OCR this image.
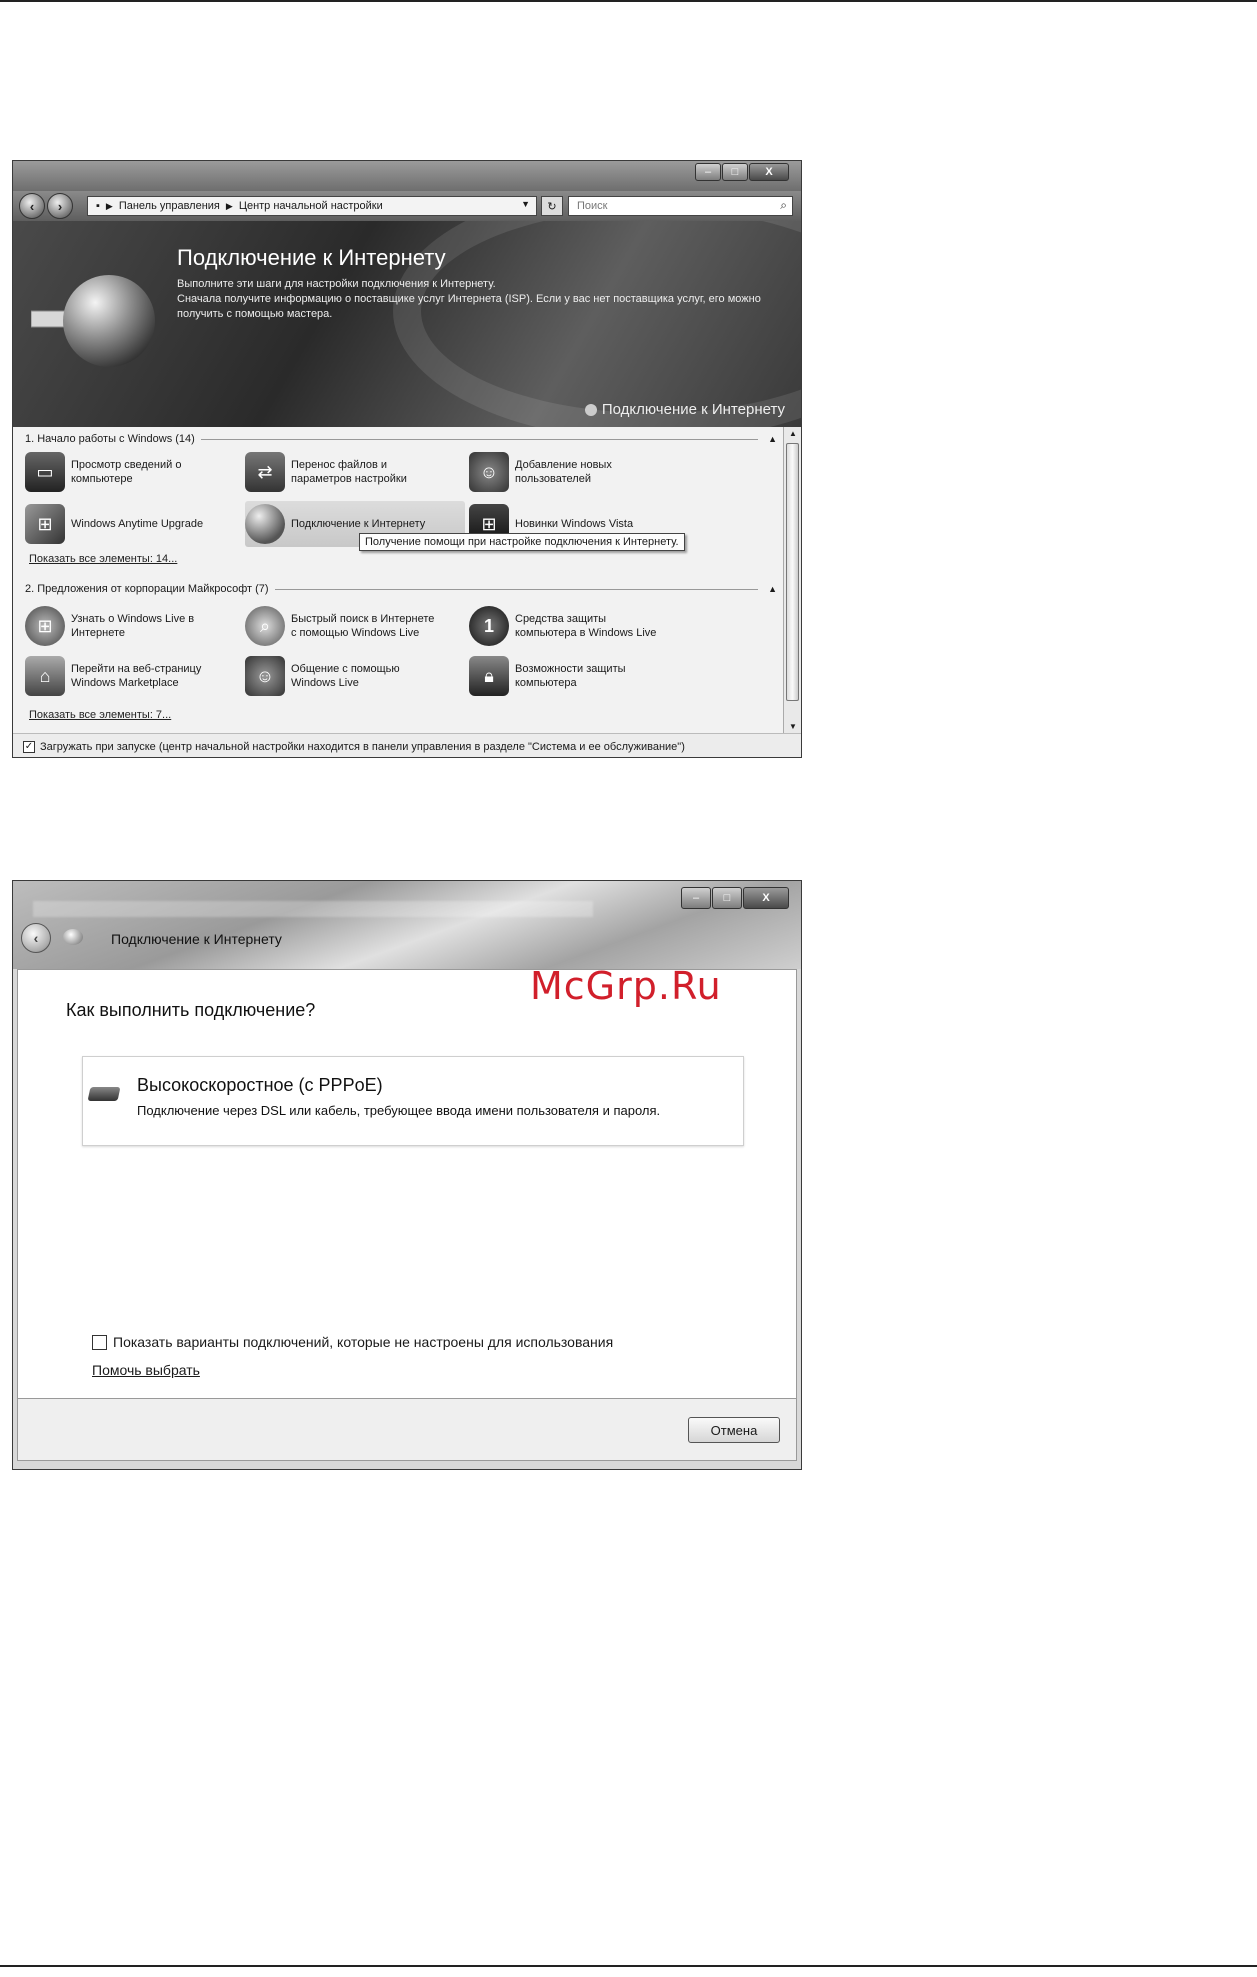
–	□	X
‹	›	▪ ▶ Панель управления ▶ Центр начальной настройки	▼ ↻ Поиск	⌕
Подключение к Интернету
Выполните эти шаги для настройки подключения к Интернету.
Сначала получите информацию о поставщике услуг Интернета (ISP). Если у вас нет поставщика услуг, его можно получить с помощью мастера.
Подключение к Интернету
1. Начало работы с Windows (14)	▲
▭	Просмотр сведений о
компьютере	⇄	Перенос файлов и
параметров настройки	☺	Добавление новых
пользователей
⊞	Windows Anytime Upgrade	Подключение к Интернету	⊞	Новинки Windows Vista
Показать все элементы: 14...
Получение помощи при настройке подключения к Интернету.
2. Предложения от корпорации Майкрософт (7)	▲
⊞	Узнать о Windows Live в
Интернете	⌕	Быстрый поиск в Интернете
с помощью Windows Live	1	Средства защиты
компьютера в Windows Live
⌂	Перейти на веб-страницу
Windows Marketplace	☺	Общение с помощью
Windows Live	🔒︎	Возможности защиты
компьютера
Показать все элементы: 7...
▲
▼
✓ Загружать при запуске (центр начальной настройки находится в панели управления в разделе "Система и ее обслуживание")
–	□	X
‹	Подключение к Интернету
Как выполнить подключение?
Высокоскоростное (с PPPoE)
Подключение через DSL или кабель, требующее ввода имени пользователя и пароля.
Показать варианты подключений, которые не настроены для использования
Помочь выбрать
Отмена
McGrp.Ru
